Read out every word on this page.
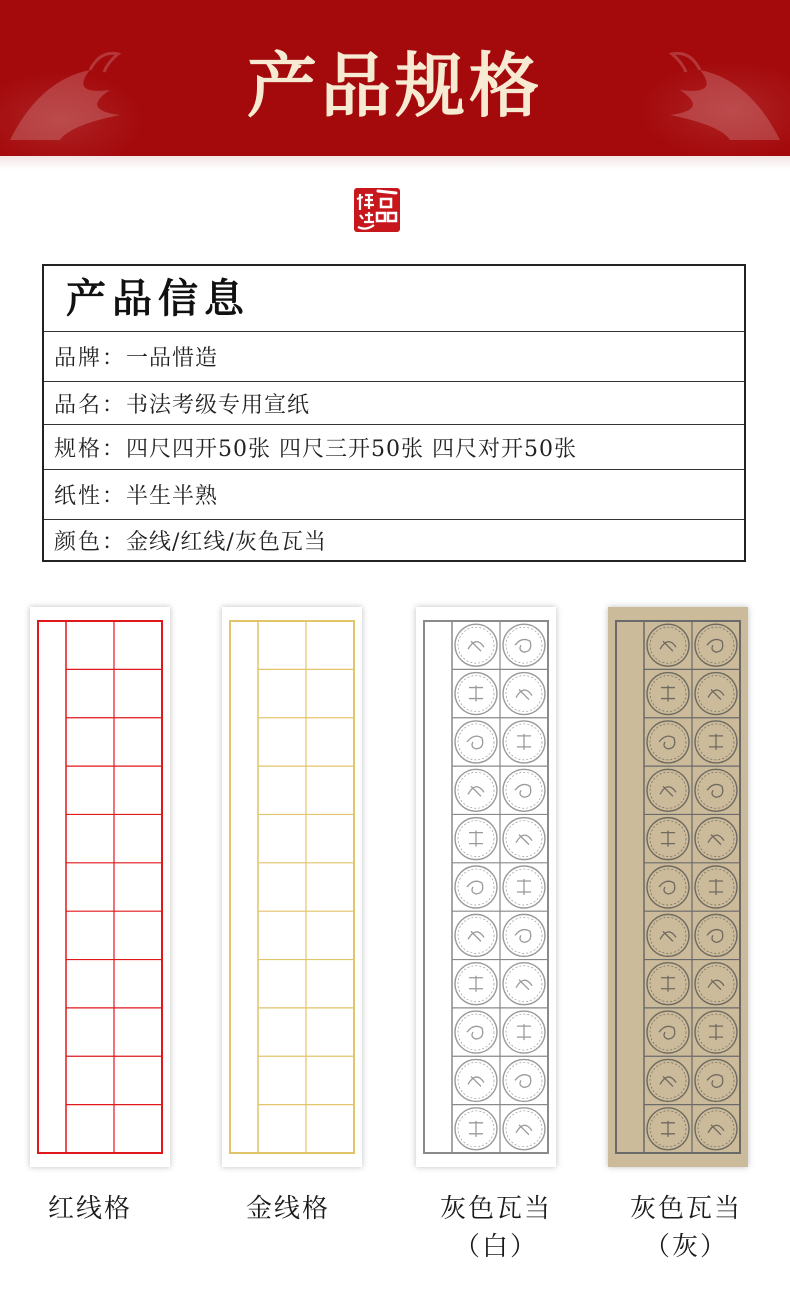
产品规格
产品信息
品牌： 一品惜造
品名： 书法考级专用宣纸
规格： 四尺四开50张 四尺三开50张 四尺对开50张
纸性： 半生半熟
颜色： 金线/红线/灰色瓦当
红线格	金线格	灰色瓦当
（白）
灰色瓦当
（灰）
